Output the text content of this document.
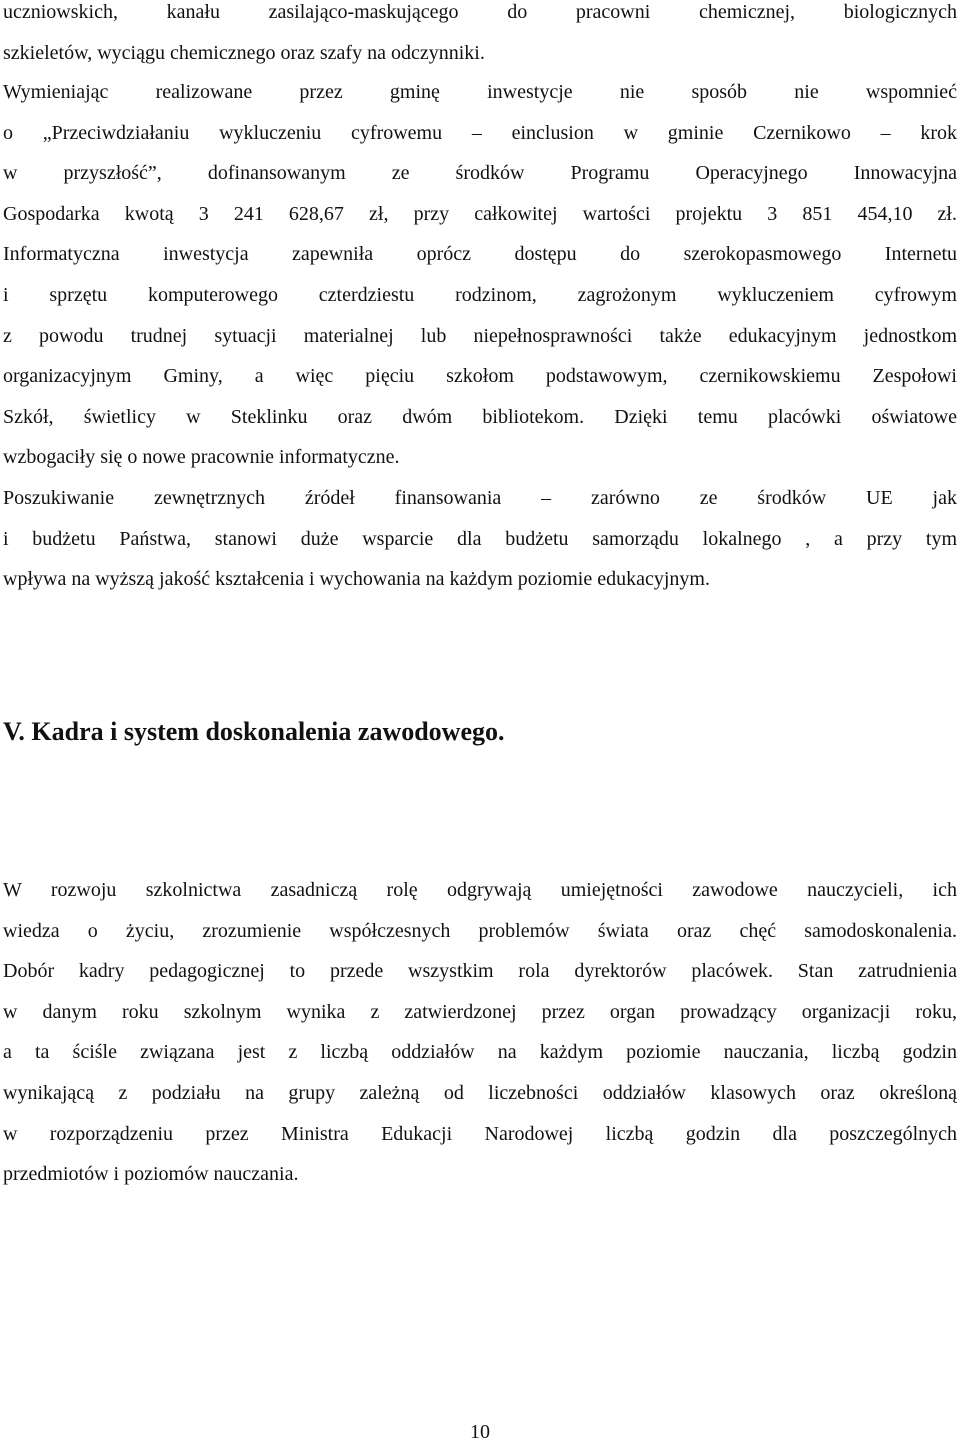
uczniowskich, kanału zasilająco-maskującego do pracowni chemicznej, biologicznych
szkieletów, wyciągu chemicznego oraz szafy na odczynniki.
Wymieniając realizowane przez gminę inwestycje nie sposób nie wspomnieć
o „Przeciwdziałaniu wykluczeniu cyfrowemu – einclusion w gminie Czernikowo – krok
w przyszłość”, dofinansowanym ze środków Programu Operacyjnego Innowacyjna
Gospodarka kwotą 3 241 628,67 zł, przy całkowitej wartości projektu 3 851 454,10 zł.
Informatyczna inwestycja zapewniła oprócz dostępu do szerokopasmowego Internetu
i sprzętu komputerowego czterdziestu rodzinom, zagrożonym wykluczeniem cyfrowym
z powodu trudnej sytuacji materialnej lub niepełnosprawności także edukacyjnym jednostkom
organizacyjnym Gminy, a więc pięciu szkołom podstawowym, czernikowskiemu Zespołowi
Szkół, świetlicy w Steklinku oraz dwóm bibliotekom. Dzięki temu placówki oświatowe
wzbogaciły się o nowe pracownie informatyczne.
Poszukiwanie zewnętrznych źródeł finansowania – zarówno ze środków UE jak
i budżetu Państwa, stanowi duże wsparcie dla budżetu samorządu lokalnego , a przy tym
wpływa na wyższą jakość kształcenia i wychowania na każdym poziomie edukacyjnym.
V. Kadra i system doskonalenia zawodowego.
W rozwoju szkolnictwa zasadniczą rolę odgrywają umiejętności zawodowe nauczycieli, ich
wiedza o życiu, zrozumienie współczesnych problemów świata oraz chęć samodoskonalenia.
Dobór kadry pedagogicznej to przede wszystkim rola dyrektorów placówek. Stan zatrudnienia
w danym roku szkolnym wynika z zatwierdzonej przez organ prowadzący organizacji roku,
a ta ściśle związana jest z liczbą oddziałów na każdym poziomie nauczania, liczbą godzin
wynikającą z podziału na grupy zależną od liczebności oddziałów klasowych oraz określoną
w rozporządzeniu przez Ministra Edukacji Narodowej liczbą godzin dla poszczególnych
przedmiotów i poziomów nauczania.
10
